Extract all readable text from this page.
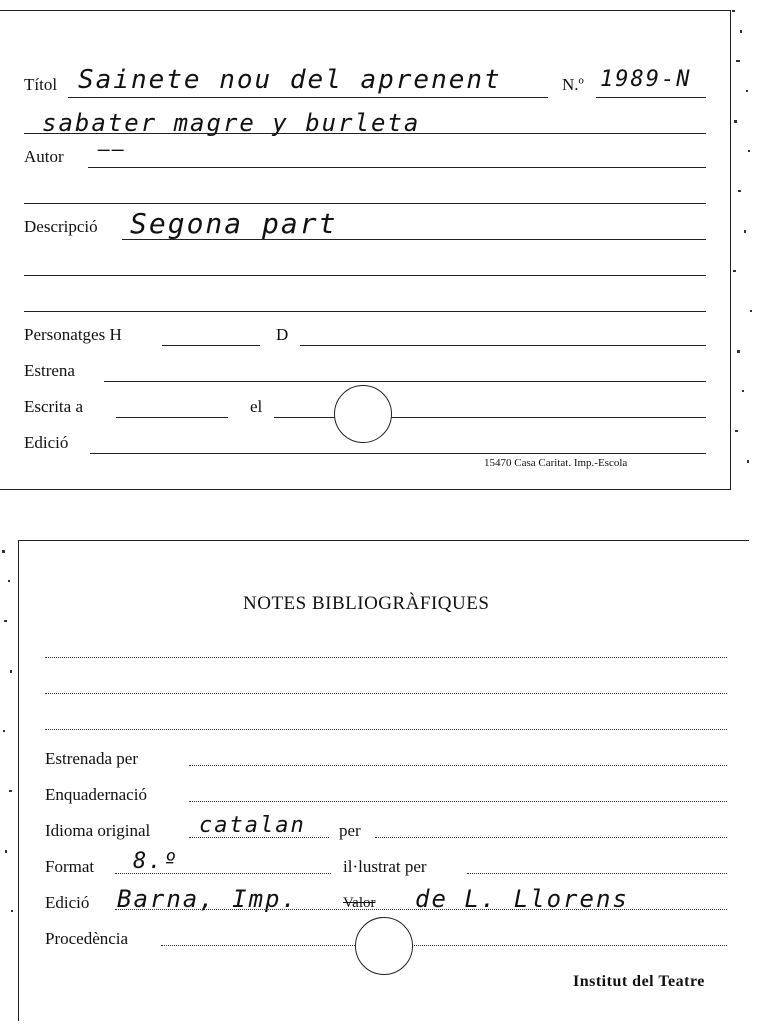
Títol Sainete nou del aprenent	N.º 1989-N
sabater magre y burleta
Autor ——
Descripció Segona part
Personatges H	D
Estrena
Escrita a	el
Edició
15470 Casa Caritat. Imp.-Escola
NOTES BIBLIOGRÀFIQUES
Estrenada per
Enquadernació
Idioma original catalan per
Format 8.º	il·lustrat per
Edició Barna, Imp.	Valor de L. Llorens
Procedència
Institut del Teatre
